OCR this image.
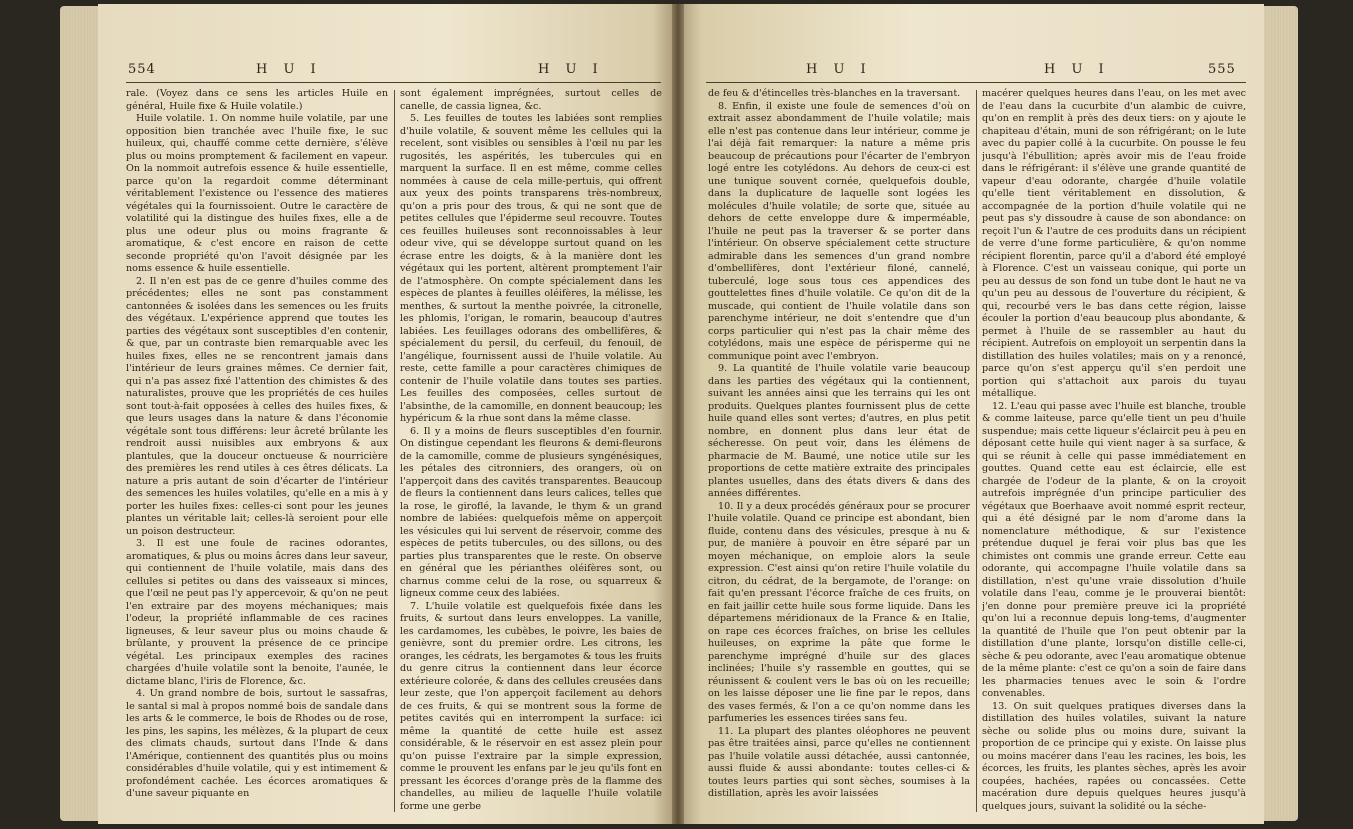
554	H U I	H U I

rale. (Voyez dans ce sens les articles Huile en général, Huile fixe & Huile volatile.)

Huile volatile. 1. On nomme huile volatile, par une opposition bien tranchée avec l'huile fixe, le suc huileux, qui, chauffé comme cette dernière, s'élève plus ou moins promptement & facilement en vapeur. On la nommoit autrefois essence & huile essentielle, parce qu'on la regardoit comme déterminant véritablement l'existence ou l'essence des matieres végétales qui la fournissoient. Outre le caractère de volatilité qui la distingue des huiles fixes, elle a de plus une odeur plus ou moins fragrante & aromatique, & c'est encore en raison de cette seconde propriété qu'on l'avoit désignée par les noms essence & huile essentielle.

2. Il n'en est pas de ce genre d'huiles comme des précédentes; elles ne sont pas constamment cantonnées & isolées dans les semences ou les fruits des végétaux. L'expérience apprend que toutes les parties des végétaux sont susceptibles d'en contenir, & que, par un contraste bien remarquable avec les huiles fixes, elles ne se rencontrent jamais dans l'intérieur de leurs graines mêmes. Ce dernier fait, qui n'a pas assez fixé l'attention des chimistes & des naturalistes, prouve que les propriétés de ces huiles sont tout-à-fait opposées à celles des huiles fixes, & que leurs usages dans la nature & dans l'économie végétale sont tous différens: leur âcreté brûlante les rendroit aussi nuisibles aux embryons & aux plantules, que la douceur onctueuse & nourricière des premières les rend utiles à ces êtres délicats. La nature a pris autant de soin d'écarter de l'intérieur des semences les huiles volatiles, qu'elle en a mis à y porter les huiles fixes: celles-ci sont pour les jeunes plantes un véritable lait; celles-là seroient pour elle un poison destructeur.

3. Il est une foule de racines odorantes, aromatiques, & plus ou moins âcres dans leur saveur, qui contiennent de l'huile volatile, mais dans des cellules si petites ou dans des vaisseaux si minces, que l'œil ne peut pas l'y appercevoir, & qu'on ne peut l'en extraire par des moyens méchaniques; mais l'odeur, la propriété inflammable de ces racines ligneuses, & leur saveur plus ou moins chaude & brûlante, y prouvent la présence de ce principe végétal. Les principaux exemples des racines chargées d'huile volatile sont la benoite, l'aunée, le dictame blanc, l'iris de Florence, &c.

4. Un grand nombre de bois, surtout le sassafras, le santal si mal à propos nommé bois de sandale dans les arts & le commerce, le bois de Rhodes ou de rose, les pins, les sapins, les mélèzes, & la plupart de ceux des climats chauds, surtout dans l'Inde & dans l'Amérique, contiennent des quantités plus ou moins considérables d'huile volatile, qui y est intimement & profondément cachée. Les écorces aromatiques & d'une saveur piquante en

sont également imprégnées, surtout celles de canelle, de cassia lignea, &c.

5. Les feuilles de toutes les labiées sont remplies d'huile volatile, & souvent même les cellules qui la recelent, sont visibles ou sensibles à l'œil nu par les rugosités, les aspérités, les tubercules qui en marquent la surface. Il en est même, comme celles nommées à cause de cela mille-pertuis, qui offrent aux yeux des points transparens très-nombreux, qu'on a pris pour des trous, & qui ne sont que de petites cellules que l'épiderme seul recouvre. Toutes ces feuilles huileuses sont reconnoissables à leur odeur vive, qui se développe surtout quand on les écrase entre les doigts, & à la manière dont les végétaux qui les portent, altèrent promptement l'air de l'atmosphère. On compte spécialement dans les espèces de plantes à feuilles oléifères, la mélisse, les menthes, & surtout la menthe poivrée, la citronelle, les phlomis, l'origan, le romarin, beaucoup d'autres labiées. Les feuillages odorans des ombellifères, & spécialement du persil, du cerfeuil, du fenouil, de l'angélique, fournissent aussi de l'huile volatile. Au reste, cette famille a pour caractères chimiques de contenir de l'huile volatile dans toutes ses parties. Les feuilles des composées, celles surtout de l'absinthe, de la camomille, en donnent beaucoup; les hypéricum & la rhue sont dans la même classe.

6. Il y a moins de fleurs susceptibles d'en fournir. On distingue cependant les fleurons & demi-fleurons de la camomille, comme de plusieurs syngénésiques, les pétales des citronniers, des orangers, où on l'apperçoit dans des cavités transparentes. Beaucoup de fleurs la contiennent dans leurs calices, telles que la rose, le giroflé, la lavande, le thym & un grand nombre de labiées: quelquefois même on apperçoit les vésicules qui lui servent de réservoir, comme des espèces de petits tubercules, ou des sillons, ou des parties plus transparentes que le reste. On observe en général que les périanthes oléifères sont, ou charnus comme celui de la rose, ou squarreux & ligneux comme ceux des labiées.

7. L'huile volatile est quelquefois fixée dans les fruits, & surtout dans leurs enveloppes. La vanille, les cardamomes, les cubèbes, le poivre, les baies de genièvre, sont du premier ordre. Les citrons, les oranges, les cédrats, les bergamotes & tous les fruits du genre citrus la contiennent dans leur écorce extérieure colorée, & dans des cellules creusées dans leur zeste, que l'on apperçoit facilement au dehors de ces fruits, & qui se montrent sous la forme de petites cavités qui en interrompent la surface: ici même la quantité de cette huile est assez considérable, & le réservoir en est assez plein pour qu'on puisse l'extraire par la simple expression, comme le prouvent les enfans par le jeu qu'ils font en pressant les écorces d'orange près de la flamme des chandelles, au milieu de laquelle l'huile volatile forme une gerbe

H U I	H U I	555

de feu & d'étincelles très-blanches en la traversant.

8. Enfin, il existe une foule de semences d'où on extrait assez abondamment de l'huile volatile; mais elle n'est pas contenue dans leur intérieur, comme je l'ai déjà fait remarquer: la nature a même pris beaucoup de précautions pour l'écarter de l'embryon logé entre les cotylédons. Au dehors de ceux-ci est une tunique souvent cornée, quelquefois double, dans la duplicature de laquelle sont logées les molécules d'huile volatile; de sorte que, située au dehors de cette enveloppe dure & imperméable, l'huile ne peut pas la traverser & se porter dans l'intérieur. On observe spécialement cette structure admirable dans les semences d'un grand nombre d'ombellifères, dont l'extérieur filoné, cannelé, tuberculé, loge sous tous ces appendices des gouttelettes fines d'huile volatile. Ce qu'on dit de la muscade, qui contient de l'huile volatile dans son parenchyme intérieur, ne doit s'entendre que d'un corps particulier qui n'est pas la chair même des cotylédons, mais une espèce de périsperme qui ne communique point avec l'embryon.

9. La quantité de l'huile volatile varie beaucoup dans les parties des végétaux qui la contiennent, suivant les années ainsi que les terrains qui les ont produits. Quelques plantes fournissent plus de cette huile quand elles sont vertes; d'autres, en plus petit nombre, en donnent plus dans leur état de sécheresse. On peut voir, dans les élémens de pharmacie de M. Baumé, une notice utile sur les proportions de cette matière extraite des principales plantes usuelles, dans des états divers & dans des années différentes.

10. Il y a deux procédés généraux pour se procurer l'huile volatile. Quand ce principe est abondant, bien fluide, contenu dans des vésicules, presque à nu & pur, de manière à pouvoir en être séparé par un moyen méchanique, on emploie alors la seule expression. C'est ainsi qu'on retire l'huile volatile du citron, du cédrat, de la bergamote, de l'orange: on fait qu'en pressant l'écorce fraîche de ces fruits, on en fait jaillir cette huile sous forme liquide. Dans les départemens méridionaux de la France & en Italie, on rape ces écorces fraîches, on brise les cellules huileuses, on exprime la pâte que forme le parenchyme imprégné d'huile sur des glaces inclinées; l'huile s'y rassemble en gouttes, qui se réunissent & coulent vers le bas où on les recueille; on les laisse déposer une lie fine par le repos, dans des vases fermés, & l'on a ce qu'on nomme dans les parfumeries les essences tirées sans feu.

11. La plupart des plantes oléophores ne peuvent pas être traitées ainsi, parce qu'elles ne contiennent pas l'huile volatile aussi détachée, aussi cantonnée, aussi fluide & aussi abondante: toutes celles-ci & toutes leurs parties qui sont sèches, soumises à la distillation, après les avoir laissées

macérer quelques heures dans l'eau, on les met avec de l'eau dans la cucurbite d'un alambic de cuivre, qu'on en remplit à près des deux tiers: on y ajoute le chapiteau d'étain, muni de son réfrigérant; on le lute avec du papier collé à la cucurbite. On pousse le feu jusqu'à l'ébullition; après avoir mis de l'eau froide dans le réfrigérant: il s'élève une grande quantité de vapeur d'eau odorante, chargée d'huile volatile qu'elle tient véritablement en dissolution, & accompagnée de la portion d'huile volatile qui ne peut pas s'y dissoudre à cause de son abondance: on reçoit l'un & l'autre de ces produits dans un récipient de verre d'une forme particulière, & qu'on nomme récipient florentin, parce qu'il a d'abord été employé à Florence. C'est un vaisseau conique, qui porte un peu au dessus de son fond un tube dont le haut ne va qu'un peu au dessous de l'ouverture du récipient, & qui, recourbé vers le bas dans cette région, laisse écouler la portion d'eau beaucoup plus abondante, & permet à l'huile de se rassembler au haut du récipient. Autrefois on employoit un serpentin dans la distillation des huiles volatiles; mais on y a renoncé, parce qu'on s'est apperçu qu'il s'en perdoit une portion qui s'attachoit aux parois du tuyau métallique.

12. L'eau qui passe avec l'huile est blanche, trouble & comme laiteuse, parce qu'elle tient un peu d'huile suspendue; mais cette liqueur s'éclaircit peu à peu en déposant cette huile qui vient nager à sa surface, & qui se réunit à celle qui passe immédiatement en gouttes. Quand cette eau est éclaircie, elle est chargée de l'odeur de la plante, & on la croyoit autrefois imprégnée d'un principe particulier des végétaux que Boerhaave avoit nommé esprit recteur, qui a été désigné par le nom d'arome dans la nomenclature méthodique, & sur l'existence prétendue duquel je ferai voir plus bas que les chimistes ont commis une grande erreur. Cette eau odorante, qui accompagne l'huile volatile dans sa distillation, n'est qu'une vraie dissolution d'huile volatile dans l'eau, comme je le prouverai bientôt: j'en donne pour première preuve ici la propriété qu'on lui a reconnue depuis long-tems, d'augmenter la quantité de l'huile que l'on peut obtenir par la distillation d'une plante, lorsqu'on distille celle-ci, sèche & peu odorante, avec l'eau aromatique obtenue de la même plante: c'est ce qu'on a soin de faire dans les pharmacies tenues avec le soin & l'ordre convenables.

13. On suit quelques pratiques diverses dans la distillation des huiles volatiles, suivant la nature sèche ou solide plus ou moins dure, suivant la proportion de ce principe qui y existe. On laisse plus ou moins macérer dans l'eau les racines, les bois, les écorces, les fruits, les plantes sèches, après les avoir coupées, hachées, rapées ou concassées. Cette macération dure depuis quelques heures jusqu'à quelques jours, suivant la solidité ou la séche-
